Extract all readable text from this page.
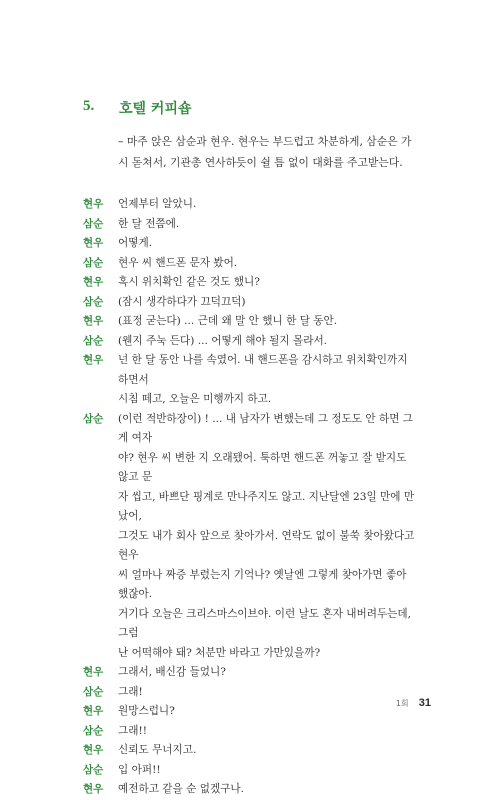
5. 호텔 커피숍
– 마주 앉은 삼순과 현우. 현우는 부드럽고 차분하게, 삼순은 가시 돋쳐서, 기관총 연사하듯이 쉴 틈 없이 대화를 주고받는다.
현우 언제부터 알았니.
삼순 한 달 전쯤에.
현우 어떻게.
삼순 현우 씨 핸드폰 문자 봤어.
현우 혹시 위치확인 같은 것도 했니?
삼순 (잠시 생각하다가 끄덕끄덕)
현우 (표정 굳는다) ... 근데 왜 말 안 했니 한 달 동안.
삼순 (웬지 주눅 든다) ... 어떻게 해야 될지 몰라서.
현우 넌 한 달 동안 나를 속였어. 내 핸드폰을 감시하고 위치확인까지 하면서
시침 떼고, 오늘은 미행까지 하고.
삼순 (이런 적반하장이) ! ... 내 남자가 변했는데 그 정도도 안 하면 그게 여자
야? 현우 씨 변한 지 오래됐어. 툭하면 핸드폰 꺼놓고 잘 받지도 않고 문
자 씹고, 바쁘단 핑계로 만나주지도 않고. 지난달엔 23일 만에 만났어,
그것도 내가 회사 앞으로 찾아가서. 연락도 없이 불쑥 찾아왔다고 현우
씨 얼마나 짜증 부렸는지 기억나? 옛날엔 그렇게 찾아가면 좋아했잖아.
거기다 오늘은 크리스마스이브야. 이런 날도 혼자 내버려두는데, 그럼
난 어떡해야 돼? 처분만 바라고 가만있을까?
현우 그래서, 배신감 들었니?
삼순 그래!
현우 원망스럽니?
삼순 그래!!
현우 신뢰도 무너지고.
삼순 입 아퍼!!
현우 예전하고 같을 순 없겠구나.
1회 31
